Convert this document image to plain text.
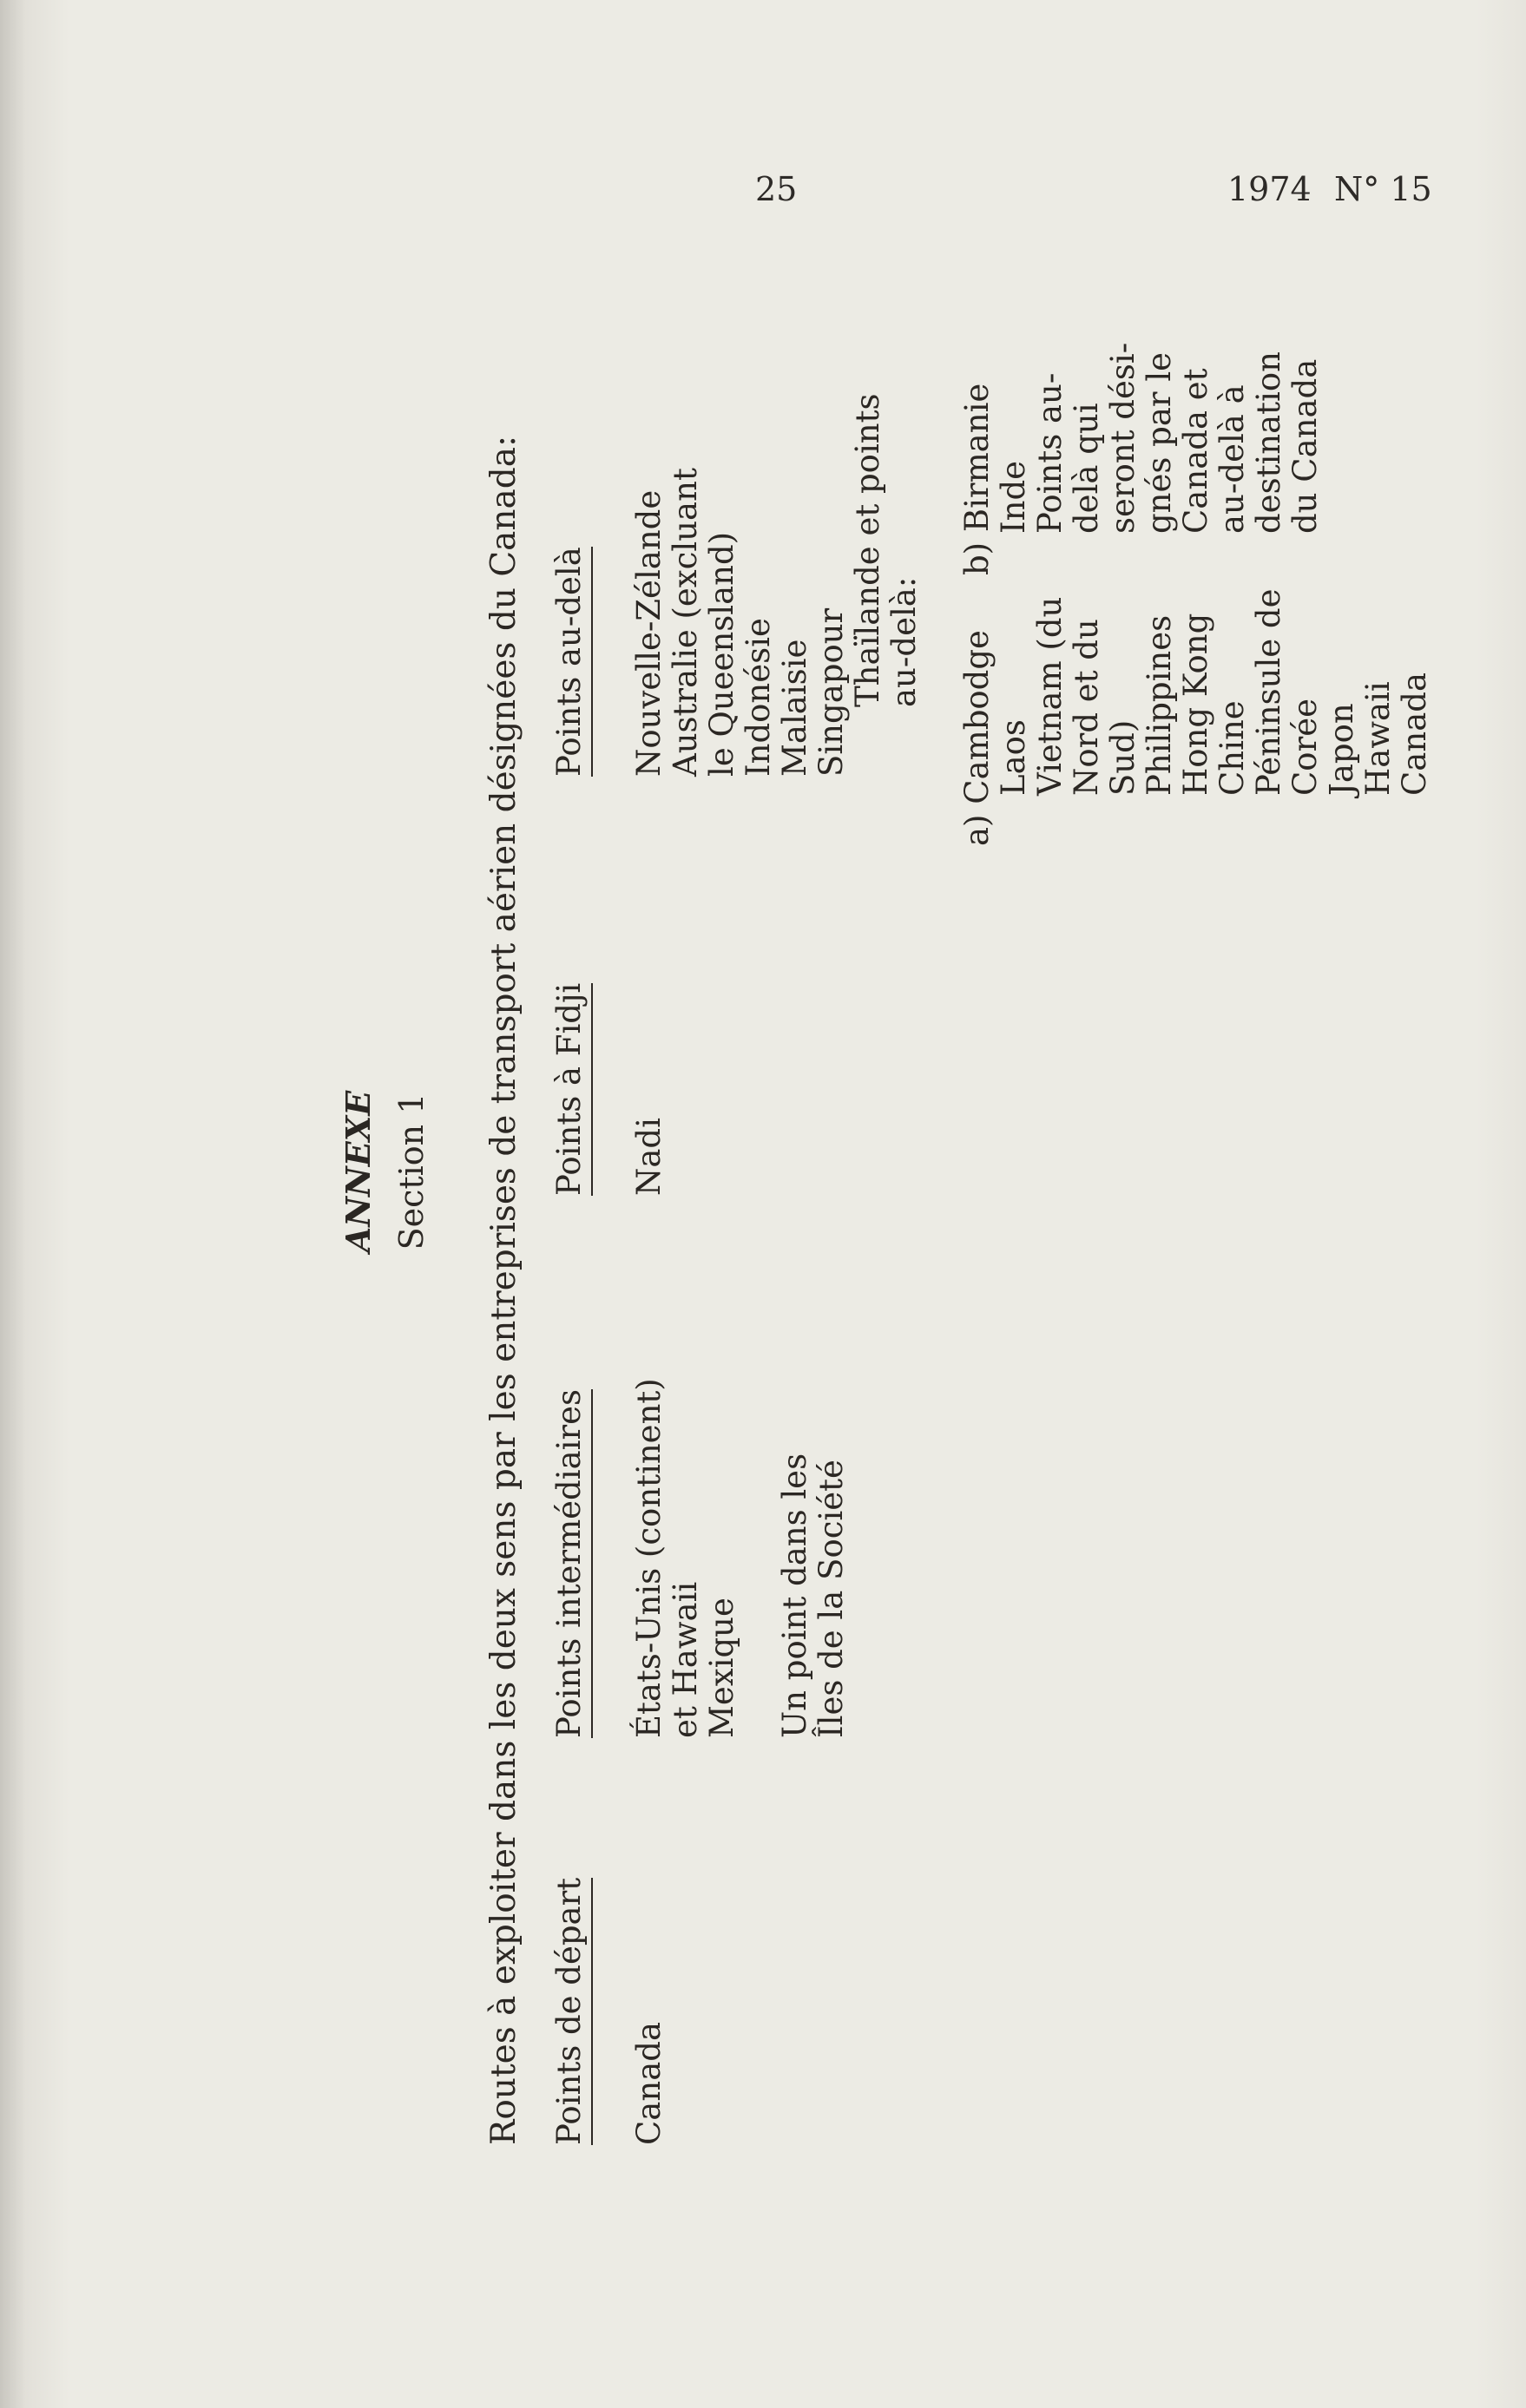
25	1974 N° 15
ANNEXE Section 1 Routes à exploiter dans les deux sens par les entreprises de transport aérien désignées du Canada: Points de départ Canada
Points intermédiaires États-Unis (continent) et Hawaii Mexique
Un point dans les Îles de la Société
Points à Fidji Nadi
Points au-delà Nouvelle-Zélande Australie (excluant le Queensland) Indonésie Malaisie Singapour Thaïlande et points au-delà: a) Cambodge Laos Vietnam (du Nord et du Sud) Philippines Hong Kong Chine Péninsule de Corée Japon Hawaii Canada
b) Birmanie Inde Points au- delà qui seront dési- gnés par le Canada et au-delà à destination du Canada
